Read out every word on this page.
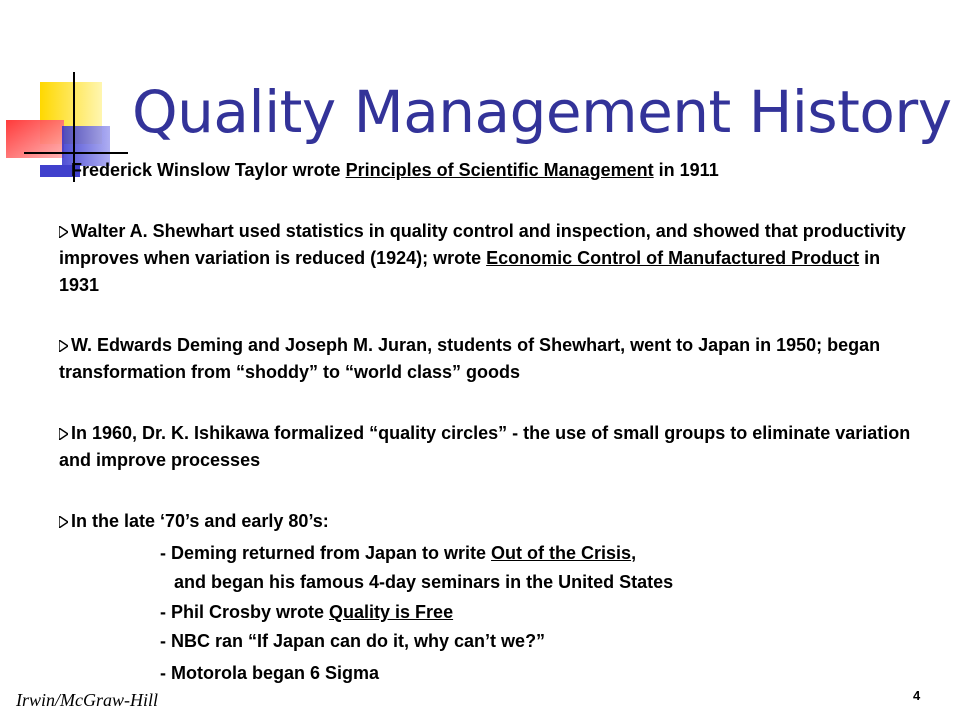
Quality Management History
Frederick Winslow Taylor wrote Principles of Scientific Management in 1911
Walter A. Shewhart used statistics in quality control and inspection, and showed that productivity improves when variation is reduced (1924); wrote Economic Control of Manufactured Product in 1931
W. Edwards Deming and Joseph M. Juran, students of Shewhart, went to Japan in 1950; began transformation from “shoddy” to “world class” goods
In 1960, Dr. K. Ishikawa formalized “quality circles” - the use of small groups to eliminate variation and improve processes
In the late ‘70’s and early 80’s:
- Deming returned from Japan to write Out of the Crisis,
and began his famous 4-day seminars in the United States
- Phil Crosby wrote Quality is Free
- NBC ran “If Japan can do it, why can’t we?”
- Motorola began 6 Sigma
Irwin/McGraw-Hill	4
